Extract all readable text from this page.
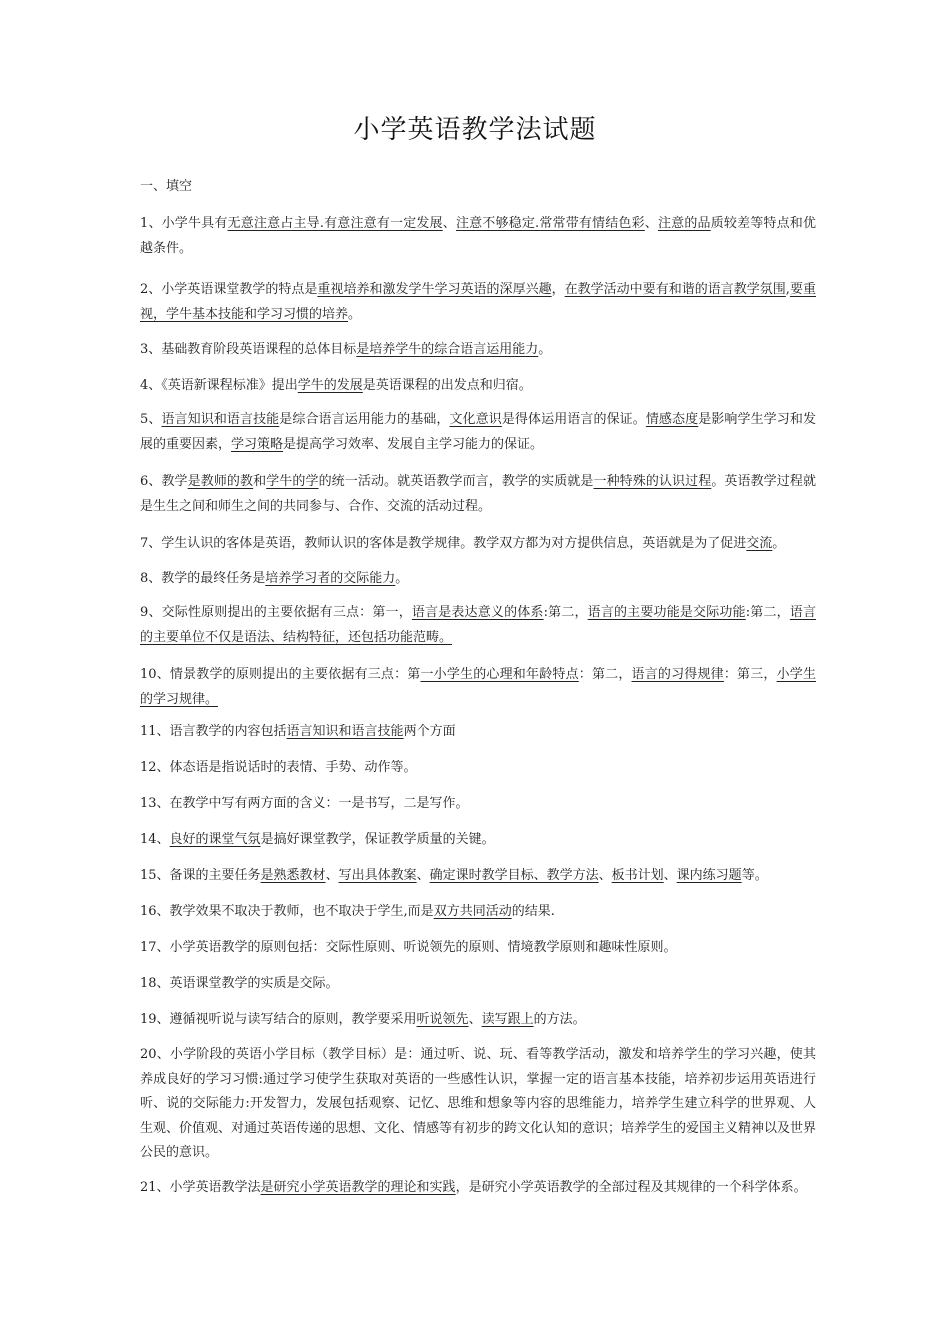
小学英语教学法试题
一、填空

1、小学牛具有无意注意占主导.有意注意有一定发展、注意不够稳定.常常带有情结色彩、注意的品质较差等特点和优越条件。

2、小学英语课堂教学的特点是重视培养和激发学牛学习英语的深厚兴趣，在教学活动中要有和谐的语言教学氛围,要重视，学牛基本技能和学习习惯的培养。

3、基础教育阶段英语课程的总体目标是培养学牛的综合语言运用能力。

4、《英语新课程标准》提出学牛的发展是英语课程的出发点和归宿。

5、语言知识和语言技能是综合语言运用能力的基础，文化意识是得体运用语言的保证。情感态度是影响学生学习和发展的重要因素，学习策略是提高学习效率、发展自主学习能力的保证。

6、教学是教师的教和学牛的学的统一活动。就英语教学而言，教学的实质就是一种特殊的认识过程。英语教学过程就是生生之间和师生之间的共同参与、合作、交流的活动过程。

7、学生认识的客体是英语，教师认识的客体是教学规律。教学双方都为对方提供信息，英语就是为了促进交流。

8、教学的最终任务是培养学习者的交际能力。

9、交际性原则提出的主要依据有三点：第一，语言是表达意义的体系:第二，语言的主要功能是交际功能:第二，语言的主要单位不仅是语法、结构特征，还包括功能范畴。

10、情景教学的原则提出的主要依据有三点：第一小学生的心理和年龄特点：第二，语言的习得规律：第三，小学生的学习规律。

11、语言教学的内容包括语言知识和语言技能两个方面

12、体态语是指说话时的表情、手势、动作等。

13、在教学中写有两方面的含义：一是书写，二是写作。

14、良好的课堂气氛是搞好课堂教学，保证教学质量的关键。

15、备课的主要任务是熟悉教材、写出具体教案、确定课时教学目标、教学方法、板书计划、课内练习题等。

16、教学效果不取决于教师，也不取决于学生,而是双方共同活动的结果.

17、小学英语教学的原则包括：交际性原则、听说领先的原则、情境教学原则和趣味性原则。

18、英语课堂教学的实质是交际。

19、遵循视听说与读写结合的原则，教学要采用听说领先、读写跟上的方法。

20、小学阶段的英语小学目标（教学目标）是：通过听、说、玩、看等教学活动，激发和培养学生的学习兴趣，使其养成良好的学习习惯:通过学习使学生获取对英语的一些感性认识，掌握一定的语言基本技能，培养初步运用英语进行听、说的交际能力:开发智力，发展包括观察、记忆、思维和想象等内容的思维能力，培养学生建立科学的世界观、人生观、价值观、对通过英语传递的思想、文化、情感等有初步的跨文化认知的意识；培养学生的爱国主义精神以及世界公民的意识。

21、小学英语教学法是研究小学英语教学的理论和实践，是研究小学英语教学的全部过程及其规律的一个科学体系。
